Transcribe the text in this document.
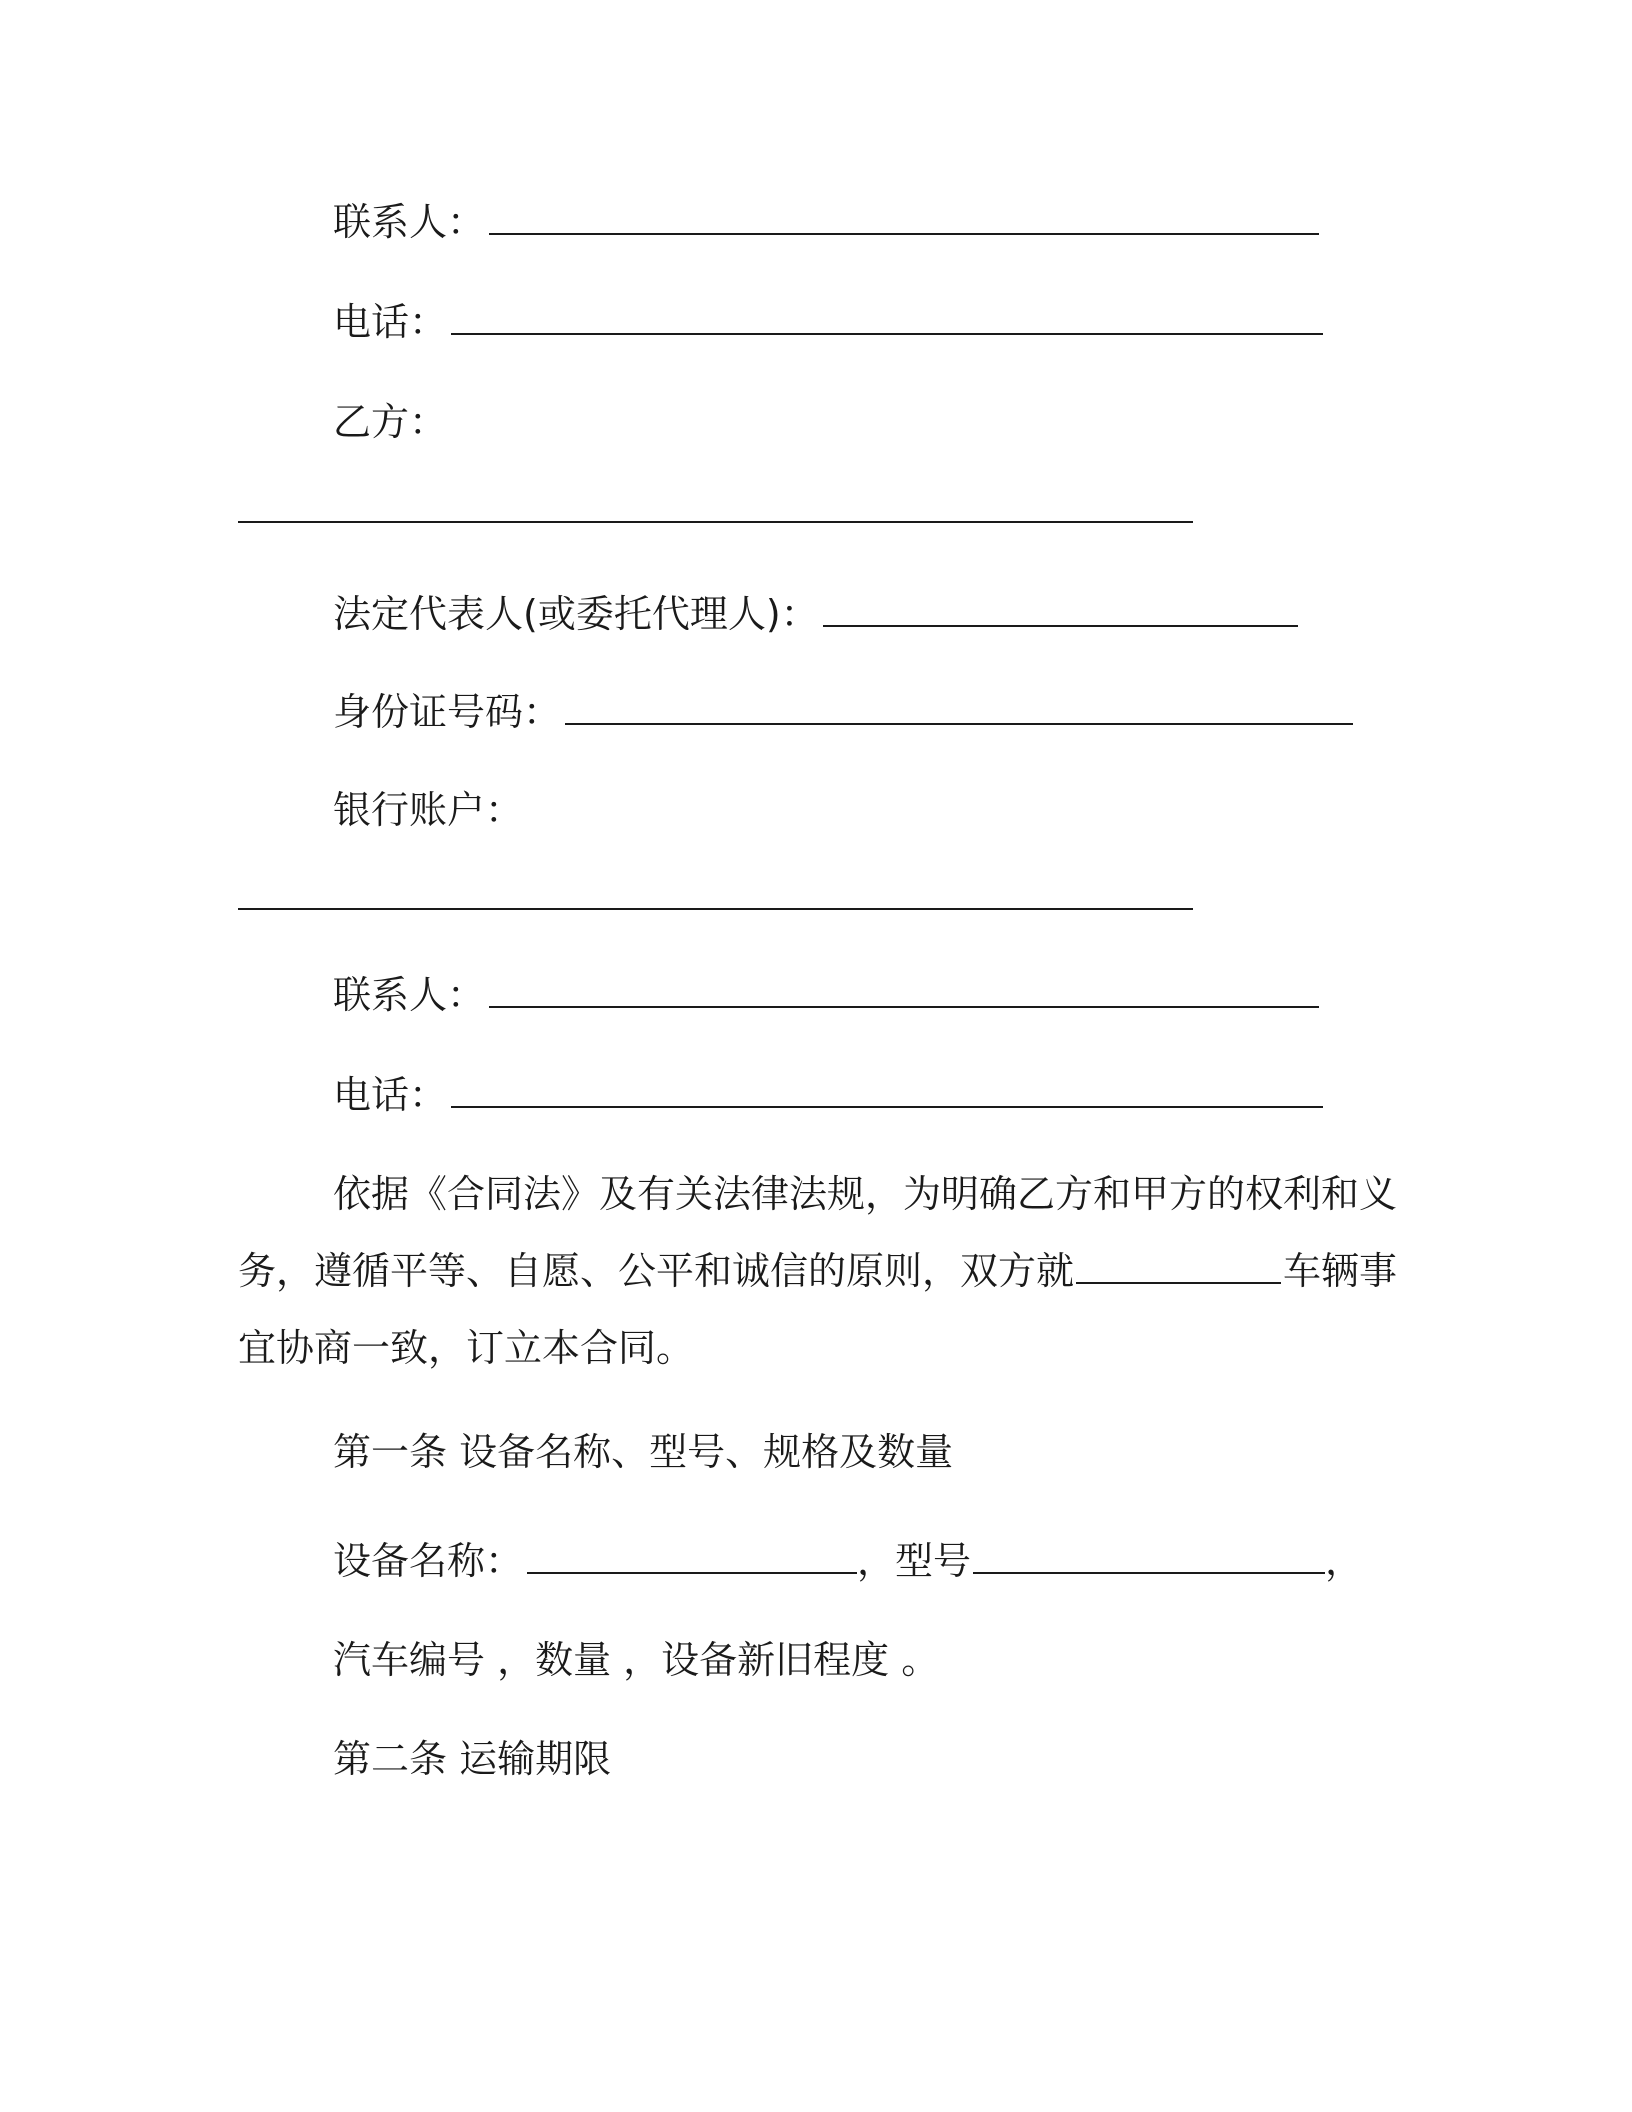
联系人：
电话：
乙方：
法定代表人(或委托代理人)：
身份证号码：
银行账户：
联系人：
电话：
依据《合同法》及有关法律法规，为明确乙方和甲方的权利和义
务，遵循平等、自愿、公平和诚信的原则，双方就	车辆事
宜协商一致，订立本合同。
第一条 设备名称、型号、规格及数量
设备名称：	，型号	，
汽车编号 ，数量 ，设备新旧程度 。
第二条 运输期限
